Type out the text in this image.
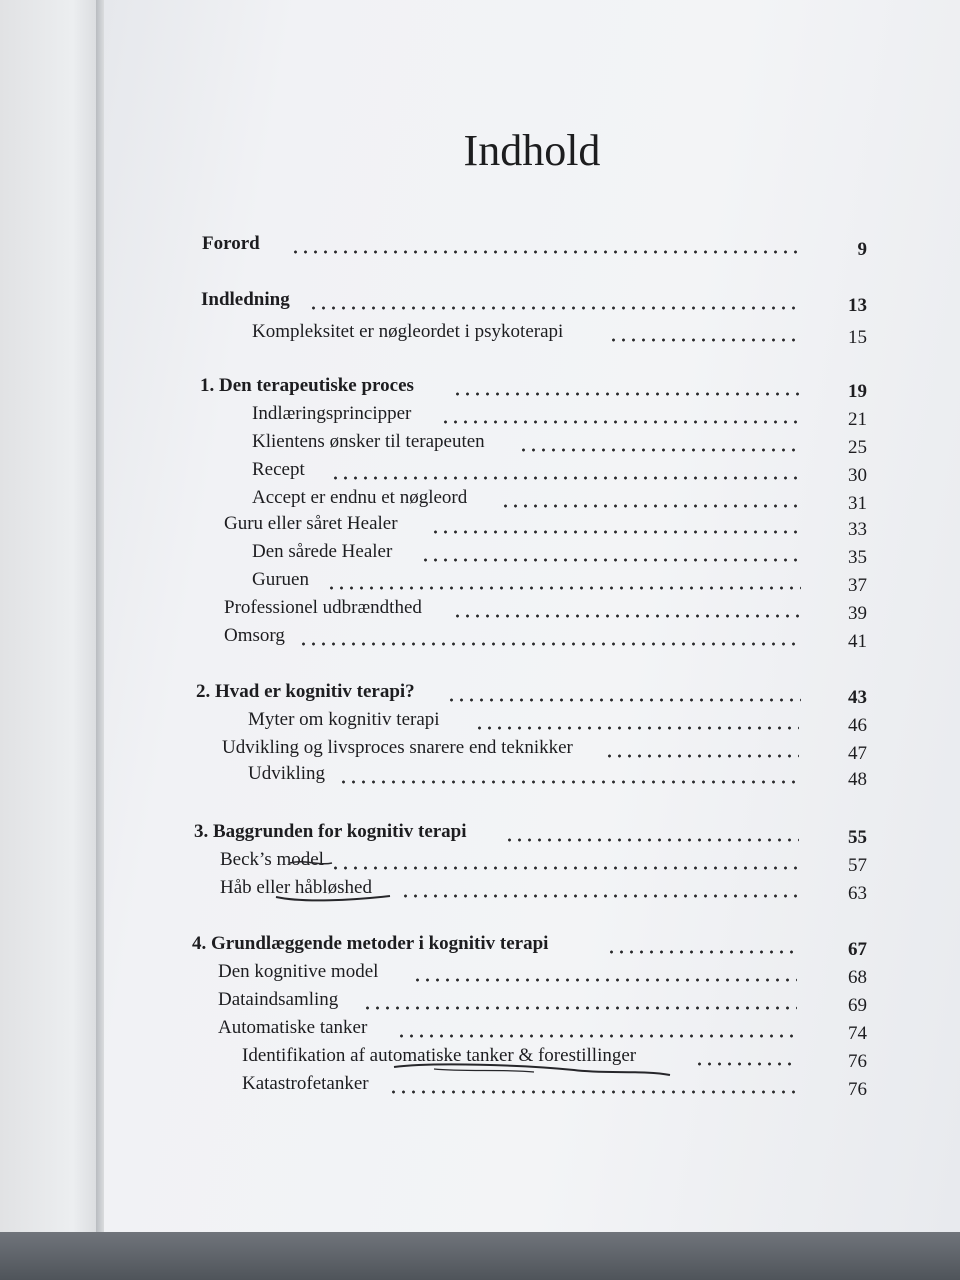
Indhold
Forord	9
Indledning	13
Kompleksitet er nøgleordet i psykoterapi	15
1. Den terapeutiske proces	19
Indlæringsprincipper	21
Klientens ønsker til terapeuten	25
Recept	30
Accept er endnu et nøgleord	31
Guru eller såret Healer	33
Den sårede Healer	35
Guruen	37
Professionel udbrændthed	39
Omsorg	41
2. Hvad er kognitiv terapi?	43
Myter om kognitiv terapi	46
Udvikling og livsproces snarere end teknikker	47
Udvikling	48
3. Baggrunden for kognitiv terapi	55
Beck’s model	57
Håb eller håbløshed	63
4. Grundlæggende metoder i kognitiv terapi	67
Den kognitive model	68
Dataindsamling	69
Automatiske tanker	74
Identifikation af automatiske tanker & forestillinger	76
Katastrofetanker	76
